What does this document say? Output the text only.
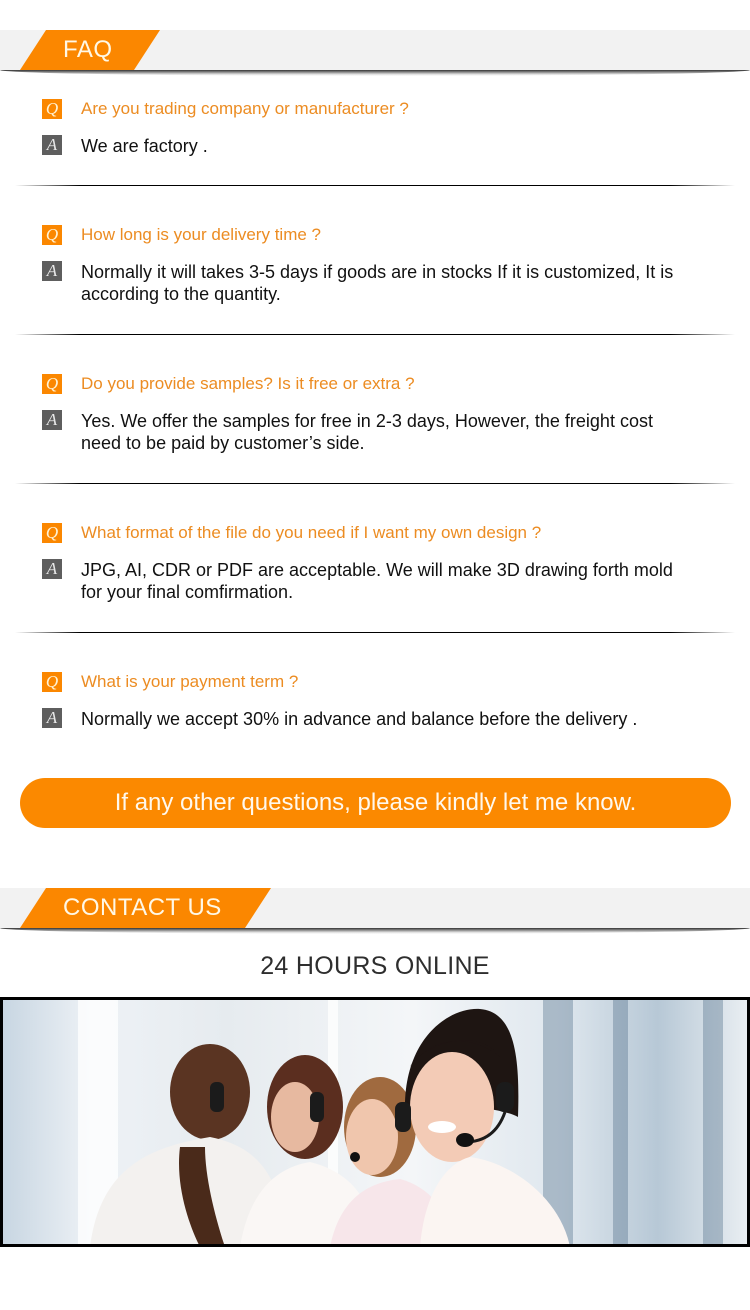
FAQ
Q Are you trading company or manufacturer ?
A We are factory .
Q How long is your delivery time ?
A Normally it will takes 3-5 days if goods are in stocks If it is customized, It is according to the quantity.
Q Do you provide samples? Is it free or extra ?
A Yes. We offer the samples for free in 2-3 days, However, the freight cost need to be paid by customer’s side.
Q What format of the file do you need if I want my own design ?
A JPG, AI, CDR or PDF are acceptable. We will make 3D drawing forth mold for your final comfirmation.
Q What is your payment term ?
A Normally we accept 30% in advance and balance before the delivery .
If any other questions, please kindly let me know.
CONTACT US
24 HOURS ONLINE
